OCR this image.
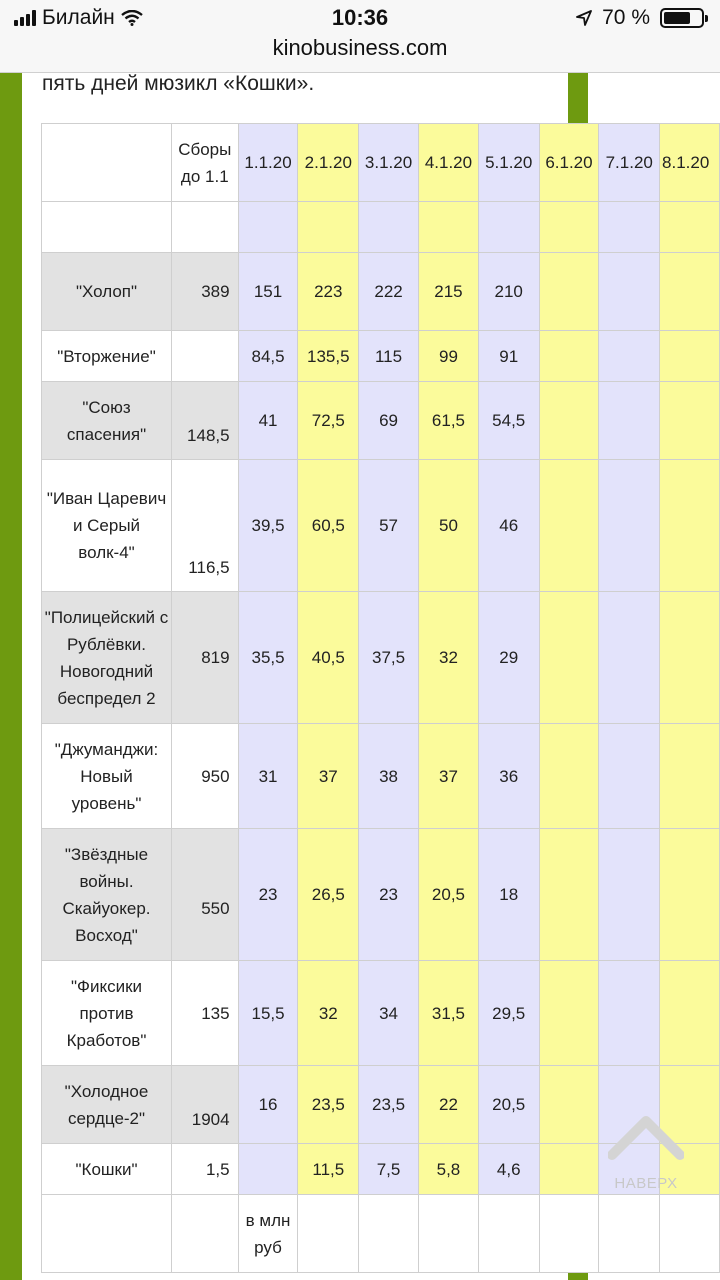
Билайн	10:36	70 %
kinobusiness.com
пять дней мюзикл «Кошки».
	Сборы до 1.1	1.1.20	2.1.20	3.1.20	4.1.20	5.1.20	6.1.20	7.1.20	8.1.20

"Холоп"	389	151	223	222	215	210			
"Вторжение"		84,5	135,5	115	99	91			
"Союз спасения"	148,5	41	72,5	69	61,5	54,5			
"Иван Царевич и Серый волк-4"	116,5	39,5	60,5	57	50	46			
"Полицейский с Рублёвки. Новогодний беспредел 2	819	35,5	40,5	37,5	32	29			
"Джуманджи: Новый уровень"	950	31	37	38	37	36			
"Звёздные войны. Скайуокер. Восход"	550	23	26,5	23	20,5	18			
"Фиксики против Кработов"	135	15,5	32	34	31,5	29,5			
"Холодное сердце-2"	1904	16	23,5	23,5	22	20,5			
"Кошки"	1,5		11,5	7,5	5,8	4,6			
		в млн руб							
НАВЕРХ
